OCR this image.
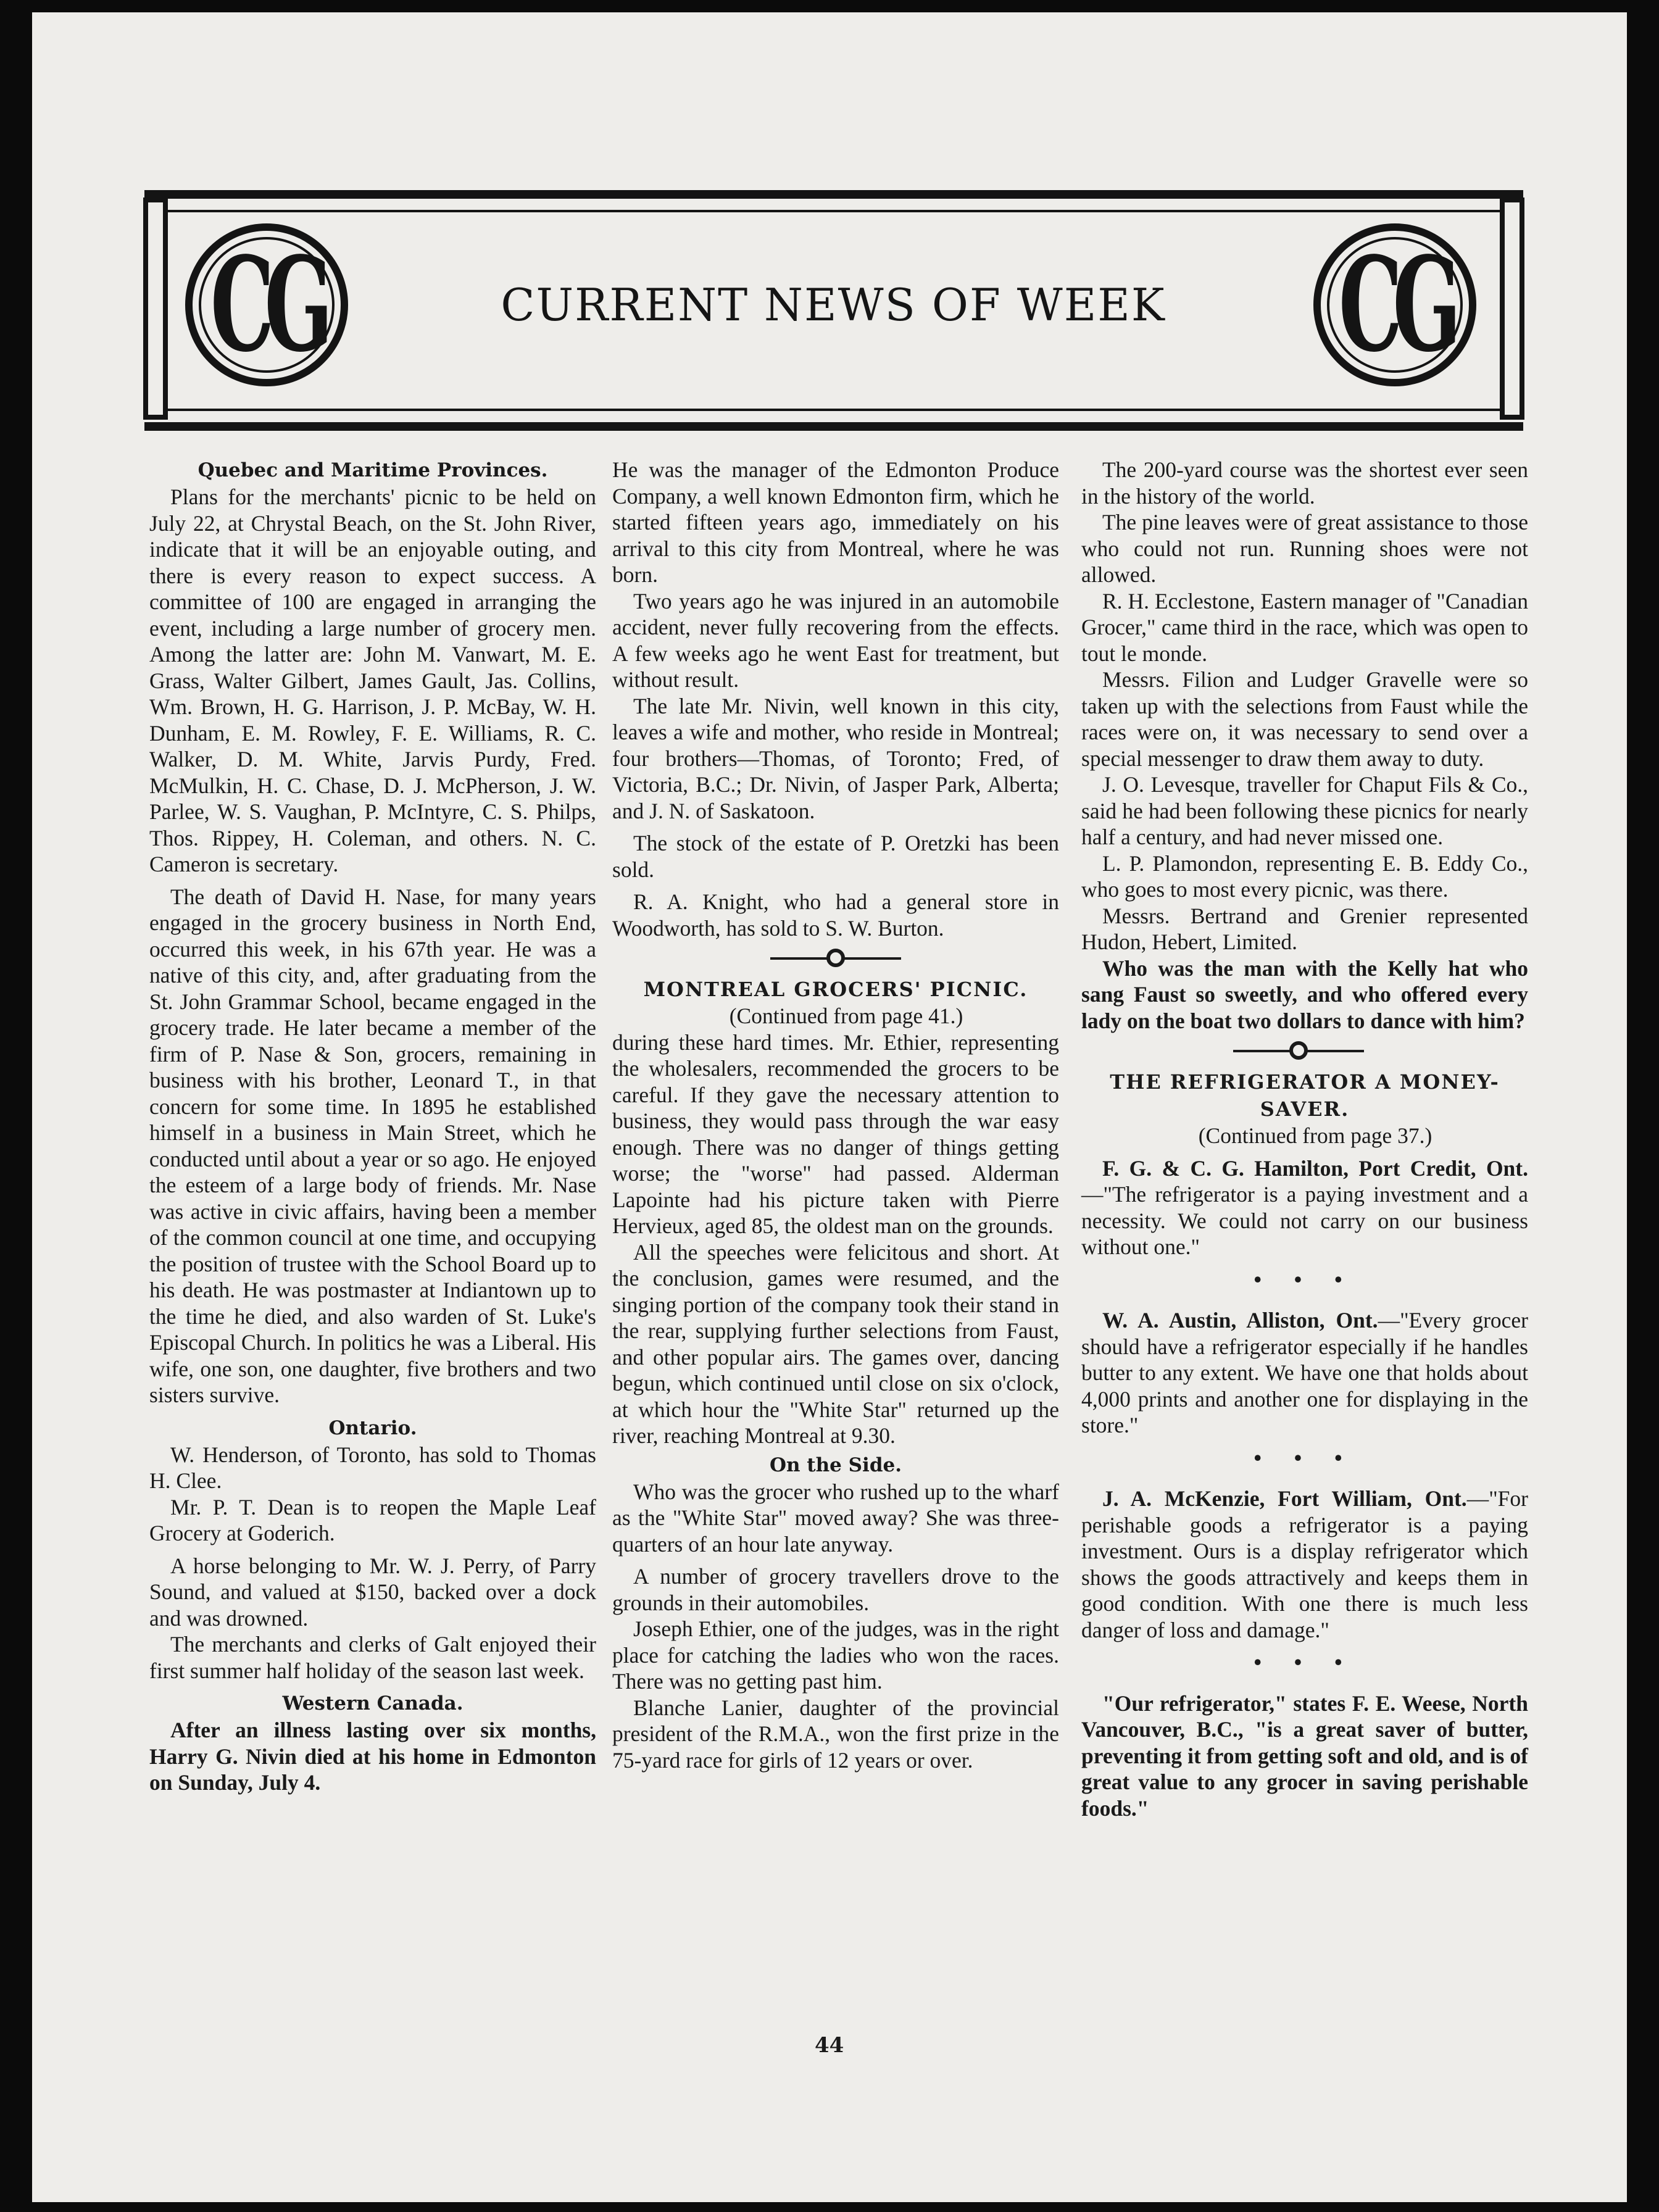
CG	CG
CURRENT NEWS OF WEEK
Quebec and Maritime Provinces.

Plans for the merchants' picnic to be held on July 22, at Chrystal Beach, on the St. John River, indicate that it will be an enjoyable outing, and there is every reason to expect success. A committee of 100 are engaged in arranging the event, including a large number of grocery men. Among the latter are: John M. Vanwart, M. E. Grass, Walter Gilbert, James Gault, Jas. Collins, Wm. Brown, H. G. Harrison, J. P. McBay, W. H. Dunham, E. M. Rowley, F. E. Williams, R. C. Walker, D. M. White, Jarvis Purdy, Fred. McMulkin, H. C. Chase, D. J. McPherson, J. W. Parlee, W. S. Vaughan, P. McIntyre, C. S. Philps, Thos. Rippey, H. Coleman, and others. N. C. Cameron is secretary.

The death of David H. Nase, for many years engaged in the grocery business in North End, occurred this week, in his 67th year. He was a native of this city, and, after graduating from the St. John Grammar School, became engaged in the grocery trade. He later became a member of the firm of P. Nase & Son, grocers, remaining in business with his brother, Leonard T., in that concern for some time. In 1895 he established himself in a business in Main Street, which he conducted until about a year or so ago. He enjoyed the esteem of a large body of friends. Mr. Nase was active in civic affairs, having been a member of the common council at one time, and occupying the position of trustee with the School Board up to his death. He was postmaster at Indiantown up to the time he died, and also warden of St. Luke's Episcopal Church. In politics he was a Liberal. His wife, one son, one daughter, five brothers and two sisters survive.

Ontario.

W. Henderson, of Toronto, has sold to Thomas H. Clee.

Mr. P. T. Dean is to reopen the Maple Leaf Grocery at Goderich.

A horse belonging to Mr. W. J. Perry, of Parry Sound, and valued at $150, backed over a dock and was drowned.

The merchants and clerks of Galt enjoyed their first summer half holiday of the season last week.

Western Canada.

After an illness lasting over six months, Harry G. Nivin died at his home in Edmonton on Sunday, July 4.

He was the manager of the Edmonton Produce Company, a well known Edmonton firm, which he started fifteen years ago, immediately on his arrival to this city from Montreal, where he was born.

Two years ago he was injured in an automobile accident, never fully recovering from the effects. A few weeks ago he went East for treatment, but without result.

The late Mr. Nivin, well known in this city, leaves a wife and mother, who reside in Montreal; four brothers—Thomas, of Toronto; Fred, of Victoria, B.C.; Dr. Nivin, of Jasper Park, Alberta; and J. N. of Saskatoon.

The stock of the estate of P. Oretzki has been sold.

R. A. Knight, who had a general store in Woodworth, has sold to S. W. Burton.

MONTREAL GROCERS' PICNIC.

(Continued from page 41.)

during these hard times. Mr. Ethier, representing the wholesalers, recommended the grocers to be careful. If they gave the necessary attention to business, they would pass through the war easy enough. There was no danger of things getting worse; the "worse" had passed. Alderman Lapointe had his picture taken with Pierre Hervieux, aged 85, the oldest man on the grounds.

All the speeches were felicitous and short. At the conclusion, games were resumed, and the singing portion of the company took their stand in the rear, supplying further selections from Faust, and other popular airs. The games over, dancing begun, which continued until close on six o'clock, at which hour the "White Star" returned up the river, reaching Montreal at 9.30.

On the Side.

Who was the grocer who rushed up to the wharf as the "White Star" moved away? She was three-quarters of an hour late anyway.

A number of grocery travellers drove to the grounds in their automobiles.

Joseph Ethier, one of the judges, was in the right place for catching the ladies who won the races. There was no getting past him.

Blanche Lanier, daughter of the provincial president of the R.M.A., won the first prize in the 75-yard race for girls of 12 years or over.

The 200-yard course was the shortest ever seen in the history of the world.

The pine leaves were of great assistance to those who could not run. Running shoes were not allowed.

R. H. Ecclestone, Eastern manager of "Canadian Grocer," came third in the race, which was open to tout le monde.

Messrs. Filion and Ludger Gravelle were so taken up with the selections from Faust while the races were on, it was necessary to send over a special messenger to draw them away to duty.

J. O. Levesque, traveller for Chaput Fils & Co., said he had been following these picnics for nearly half a century, and had never missed one.

L. P. Plamondon, representing E. B. Eddy Co., who goes to most every picnic, was there.

Messrs. Bertrand and Grenier represented Hudon, Hebert, Limited.

Who was the man with the Kelly hat who sang Faust so sweetly, and who offered every lady on the boat two dollars to dance with him?

THE REFRIGERATOR A MONEY-SAVER.

(Continued from page 37.)

F. G. & C. G. Hamilton, Port Credit, Ont.—"The refrigerator is a paying investment and a necessity. We could not carry on our business without one."

• • •

W. A. Austin, Alliston, Ont.—"Every grocer should have a refrigerator especially if he handles butter to any extent. We have one that holds about 4,000 prints and another one for displaying in the store."

• • •

J. A. McKenzie, Fort William, Ont.—"For perishable goods a refrigerator is a paying investment. Ours is a display refrigerator which shows the goods attractively and keeps them in good condition. With one there is much less danger of loss and damage."

• • •

"Our refrigerator," states F. E. Weese, North Vancouver, B.C., "is a great saver of butter, preventing it from getting soft and old, and is of great value to any grocer in saving perishable foods."

44
